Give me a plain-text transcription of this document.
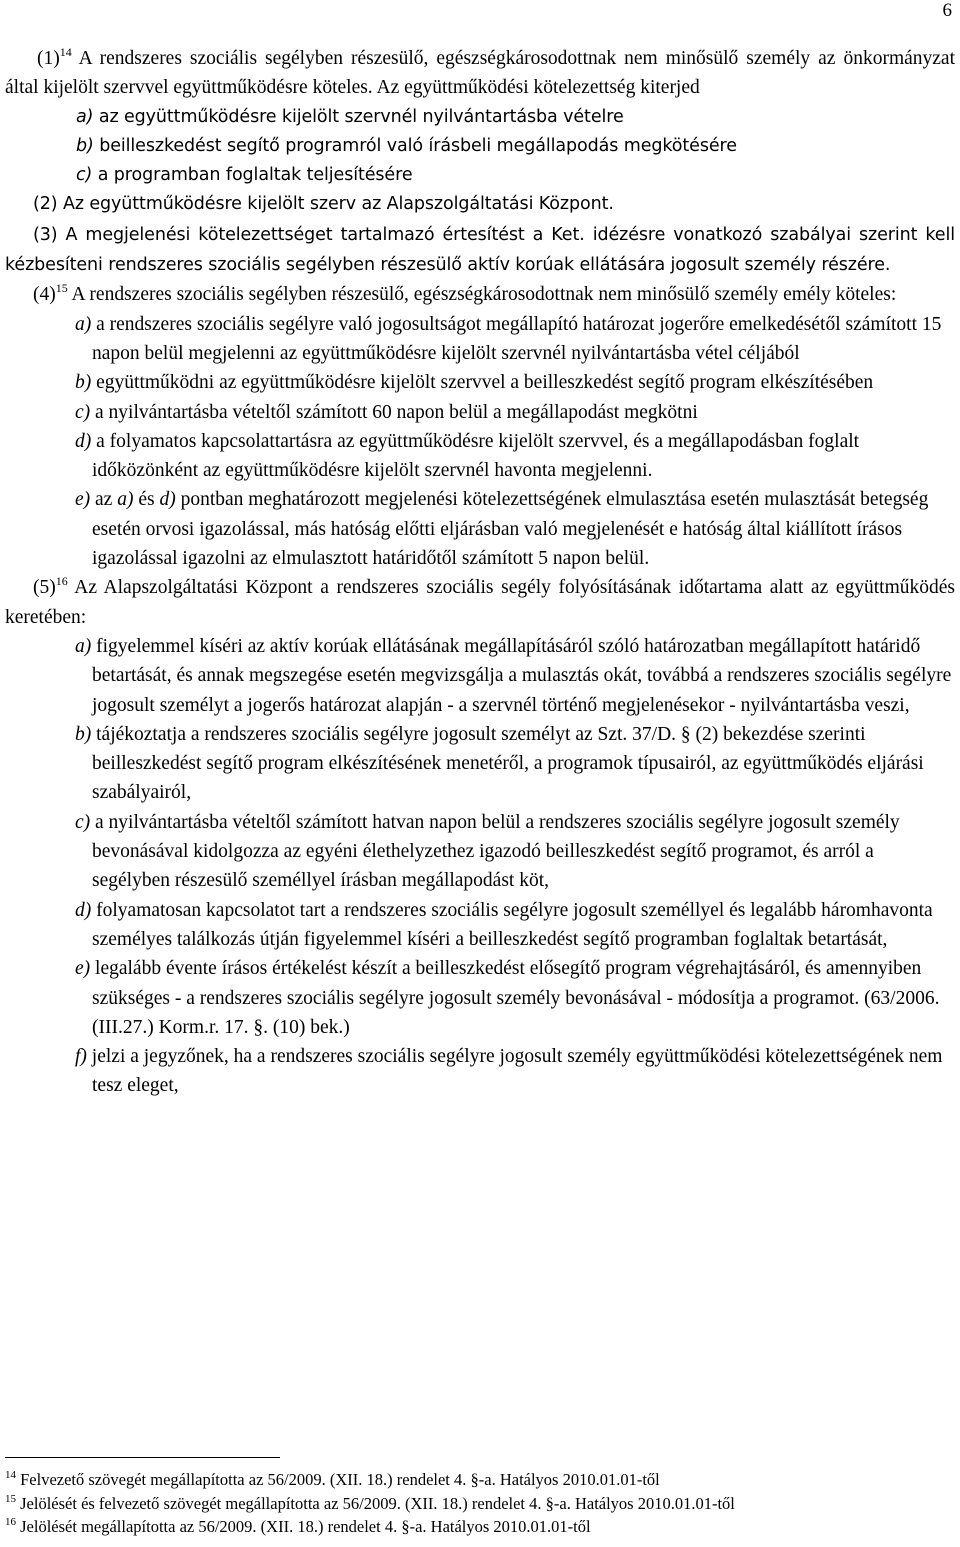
6

$(1)^{14}$ A rendszeres szociális segélyben részesülő, egészségkárosodottnak nem minősülő személy az önkormányzat által kijelölt szervvel együttműködésre köteles. Az együttműködési kötelezettség kiterjed

a) az együttműködésre kijelölt szervnél nyilvántartásba vételre

b) beilleszkedést segítő programról való írásbeli megállapodás megkötésére

c) a programban foglaltak teljesítésére

(2) Az együttműködésre kijelölt szerv az Alapszolgáltatási Központ.

(3) A megjelenési kötelezettséget tartalmazó értesítést a Ket. idézésre vonatkozó szabályai szerint kell kézbesíteni rendszeres szociális segélyben részesülő aktív korúak ellátására jogosult személy részére.

$(4)^{15}$ A rendszeres szociális segélyben részesülő, egészségkárosodottnak nem minősülő személy emély köteles:

a) a rendszeres szociális segélyre való jogosultságot megállapító határozat jogerőre emelkedésétől számított 15 napon belül megjelenni az együttműködésre kijelölt szervnél nyilvántartásba vétel céljából

b) együttműködni az együttműködésre kijelölt szervvel a beilleszkedést segítő program elkészítésében

c) a nyilvántartásba vételtől számított 60 napon belül a megállapodást megkötni

d) a folyamatos kapcsolattartásra az együttműködésre kijelölt szervvel, és a megállapodásban foglalt időközönként az együttműködésre kijelölt szervnél havonta megjelenni.

e) az a) és d) pontban meghatározott megjelenési kötelezettségének elmulasztása esetén mulasztását betegség esetén orvosi igazolással, más hatóság előtti eljárásban való megjelenését e hatóság által kiállított írásos igazolással igazolni az elmulasztott határidőtől számított 5 napon belül.

$(5)^{16}$ Az Alapszolgáltatási Központ a rendszeres szociális segély folyósításának időtartama alatt az együttműködés keretében:

a) figyelemmel kíséri az aktív korúak ellátásának megállapításáról szóló határozatban megállapított határidő betartását, és annak megszegése esetén megvizsgálja a mulasztás okát, továbbá a rendszeres szociális segélyre jogosult személyt a jogerős határozat alapján - a szervnél történő megjelenésekor - nyilvántartásba veszi,

b) tájékoztatja a rendszeres szociális segélyre jogosult személyt az Szt. 37/D. § (2) bekezdése szerinti beilleszkedést segítő program elkészítésének menetéről, a programok típusairól, az együttműködés eljárási szabályairól,

c) a nyilvántartásba vételtől számított hatvan napon belül a rendszeres szociális segélyre jogosult személy bevonásával kidolgozza az egyéni élethelyzethez igazodó beilleszkedést segítő programot, és arról a segélyben részesülő személlyel írásban megállapodást köt,

d) folyamatosan kapcsolatot tart a rendszeres szociális segélyre jogosult személlyel és legalább háromhavonta személyes találkozás útján figyelemmel kíséri a beilleszkedést segítő programban foglaltak betartását,

e) legalább évente írásos értékelést készít a beilleszkedést elősegítő program végrehajtásáról, és amennyiben szükséges - a rendszeres szociális segélyre jogosult személy bevonásával - módosítja a programot. (63/2006. (III.27.) Korm.r. 17. §. (10) bek.)

f) jelzi a jegyzőnek, ha a rendszeres szociális segélyre jogosult személy együttműködési kötelezettségének nem tesz eleget,

$^{14}$ Felvezető szövegét megállapította az 56/2009. (XII. 18.) rendelet 4. §-a. Hatályos 2010.01.01-től

$^{15}$ Jelölését és felvezető szövegét megállapította az 56/2009. (XII. 18.) rendelet 4. §-a. Hatályos 2010.01.01-től

$^{16}$ Jelölését megállapította az 56/2009. (XII. 18.) rendelet 4. §-a. Hatályos 2010.01.01-től
